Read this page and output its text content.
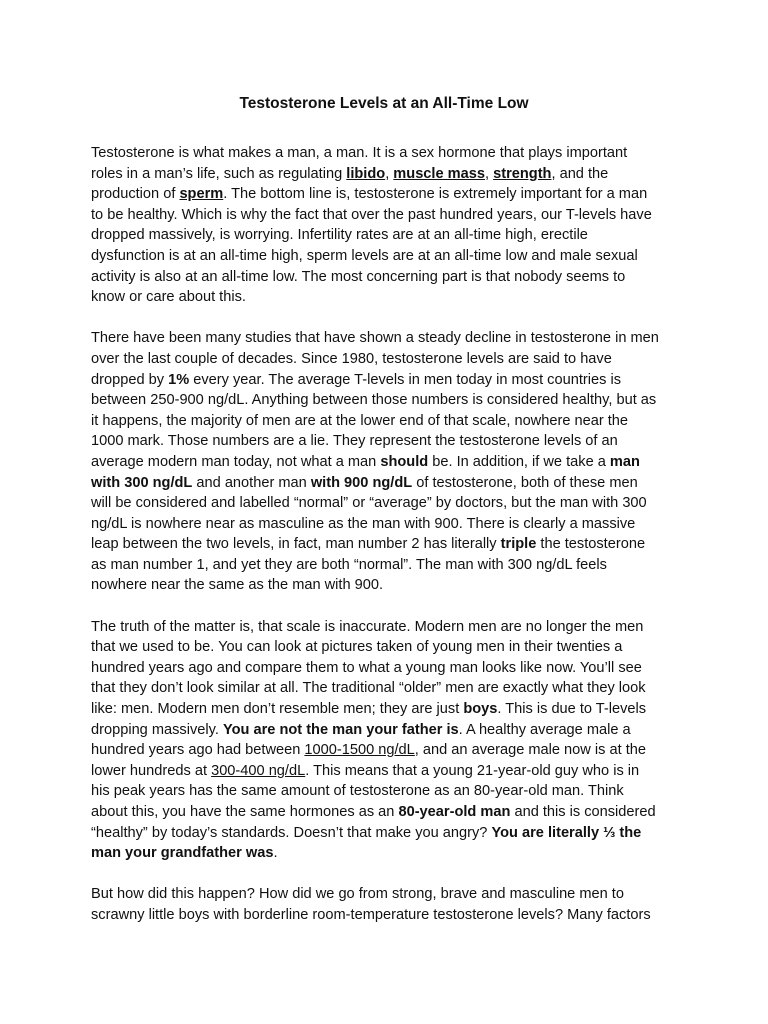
Testosterone Levels at an All-Time Low

Testosterone is what makes a man, a man. It is a sex hormone that plays important
roles in a man’s life, such as regulating libido, muscle mass, strength, and the
production of sperm. The bottom line is, testosterone is extremely important for a man
to be healthy. Which is why the fact that over the past hundred years, our T-levels have
dropped massively, is worrying. Infertility rates are at an all-time high, erectile
dysfunction is at an all-time high, sperm levels are at an all-time low and male sexual
activity is also at an all-time low. The most concerning part is that nobody seems to
know or care about this.

There have been many studies that have shown a steady decline in testosterone in men
over the last couple of decades. Since 1980, testosterone levels are said to have
dropped by 1% every year. The average T-levels in men today in most countries is
between 250-900 ng/dL. Anything between those numbers is considered healthy, but as
it happens, the majority of men are at the lower end of that scale, nowhere near the
1000 mark. Those numbers are a lie. They represent the testosterone levels of an
average modern man today, not what a man should be. In addition, if we take a man
with 300 ng/dL and another man with 900 ng/dL of testosterone, both of these men
will be considered and labelled “normal” or “average” by doctors, but the man with 300
ng/dL is nowhere near as masculine as the man with 900. There is clearly a massive
leap between the two levels, in fact, man number 2 has literally triple the testosterone
as man number 1, and yet they are both “normal”. The man with 300 ng/dL feels
nowhere near the same as the man with 900.

The truth of the matter is, that scale is inaccurate. Modern men are no longer the men
that we used to be. You can look at pictures taken of young men in their twenties a
hundred years ago and compare them to what a young man looks like now. You’ll see
that they don’t look similar at all. The traditional “older” men are exactly what they look
like: men. Modern men don’t resemble men; they are just boys. This is due to T-levels
dropping massively. You are not the man your father is. A healthy average male a
hundred years ago had between 1000-1500 ng/dL, and an average male now is at the
lower hundreds at 300-400 ng/dL. This means that a young 21-year-old guy who is in
his peak years has the same amount of testosterone as an 80-year-old man. Think
about this, you have the same hormones as an 80-year-old man and this is considered
“healthy” by today’s standards. Doesn’t that make you angry? You are literally ⅓ the
man your grandfather was.

But how did this happen? How did we go from strong, brave and masculine men to
scrawny little boys with borderline room-temperature testosterone levels? Many factors
